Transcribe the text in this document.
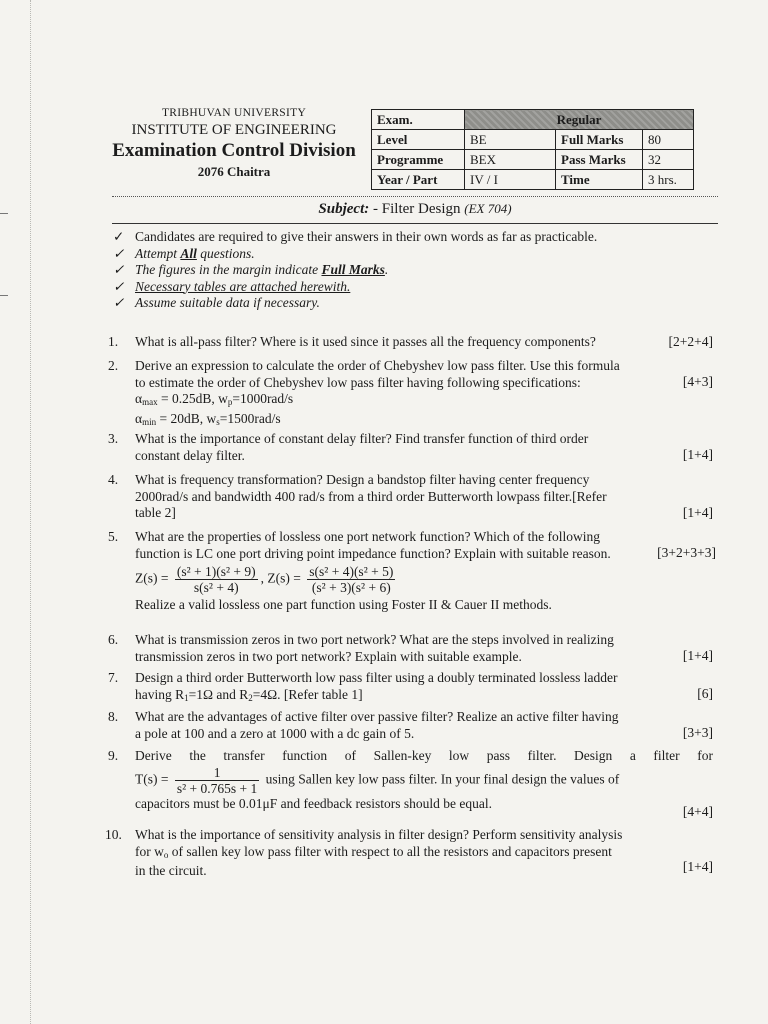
TRIBHUVAN UNIVERSITY
INSTITUTE OF ENGINEERING
Examination Control Division
2076 Chaitra
Exam.	Regular		
Level	BE	Full Marks	80
Programme	BEX	Pass Marks	32
Year / Part	IV / I	Time	3 hrs.
Subject: - Filter Design (EX 704)
✓ Candidates are required to give their answers in their own words as far as practicable.
✓ Attempt All questions.
✓ The figures in the margin indicate Full Marks.
✓ Necessary tables are attached herewith.
✓ Assume suitable data if necessary.
1.	What is all-pass filter? Where is it used since it passes all the frequency components?	[2+2+4]
2.	Derive an expression to calculate the order of Chebyshev low pass filter. Use this formula
to estimate the order of Chebyshev low pass filter having following specifications:
$\alpha_{max} = 0.25dB$, $w_p=1000rad/s$
$\alpha_{min} = 20dB$, $w_s=1500rad/s$
[4+3]
3.	What is the importance of constant delay filter? Find transfer function of third order
constant delay filter.	[1+4]
4.	What is frequency transformation? Design a bandstop filter having center frequency
2000rad/s and bandwidth 400 rad/s from a third order Butterworth lowpass filter.[Refer
table 2]	[1+4]
5.	What are the properties of lossless one port network function? Which of the following
function is LC one port driving point impedance function? Explain with suitable reason.
$Z(s) = \frac{\text{(s² + 1)(s² + 9)}}{\text{s(s² + 4)}}$ , $Z(s) = \frac{\text{s(s² + 4)(s² + 5)}}{\text{(s² + 3)(s² + 6)}}$
Realize a valid lossless one part function using Foster II & Cauer II methods.
[3+2+3+3]
6.	What is transmission zeros in two port network? What are the steps involved in realizing
transmission zeros in two port network? Explain with suitable example.	[1+4]
7.	Design a third order Butterworth low pass filter using a doubly terminated lossless ladder
having $R_1=1\Omega$ and $R_2=4\Omega$. [Refer table 1]	[6]
8.	What are the advantages of active filter over passive filter? Realize an active filter having
a pole at 100 and a zero at 1000 with a dc gain of 5.	[3+3]
9.	Derive the transfer function of Sallen-key low pass filter. Design a filter for
$T(s) = \frac{1}{\text{s² + 0.765s + 1}}$ using Sallen key low pass filter. In your final design the values of
capacitors must be 0.01μF and feedback resistors should be equal.
[4+4]
10. What is the importance of sensitivity analysis in filter design? Perform sensitivity analysis
for $w_o$ of sallen key low pass filter with respect to all the resistors and capacitors present
in the circuit.	[1+4]
